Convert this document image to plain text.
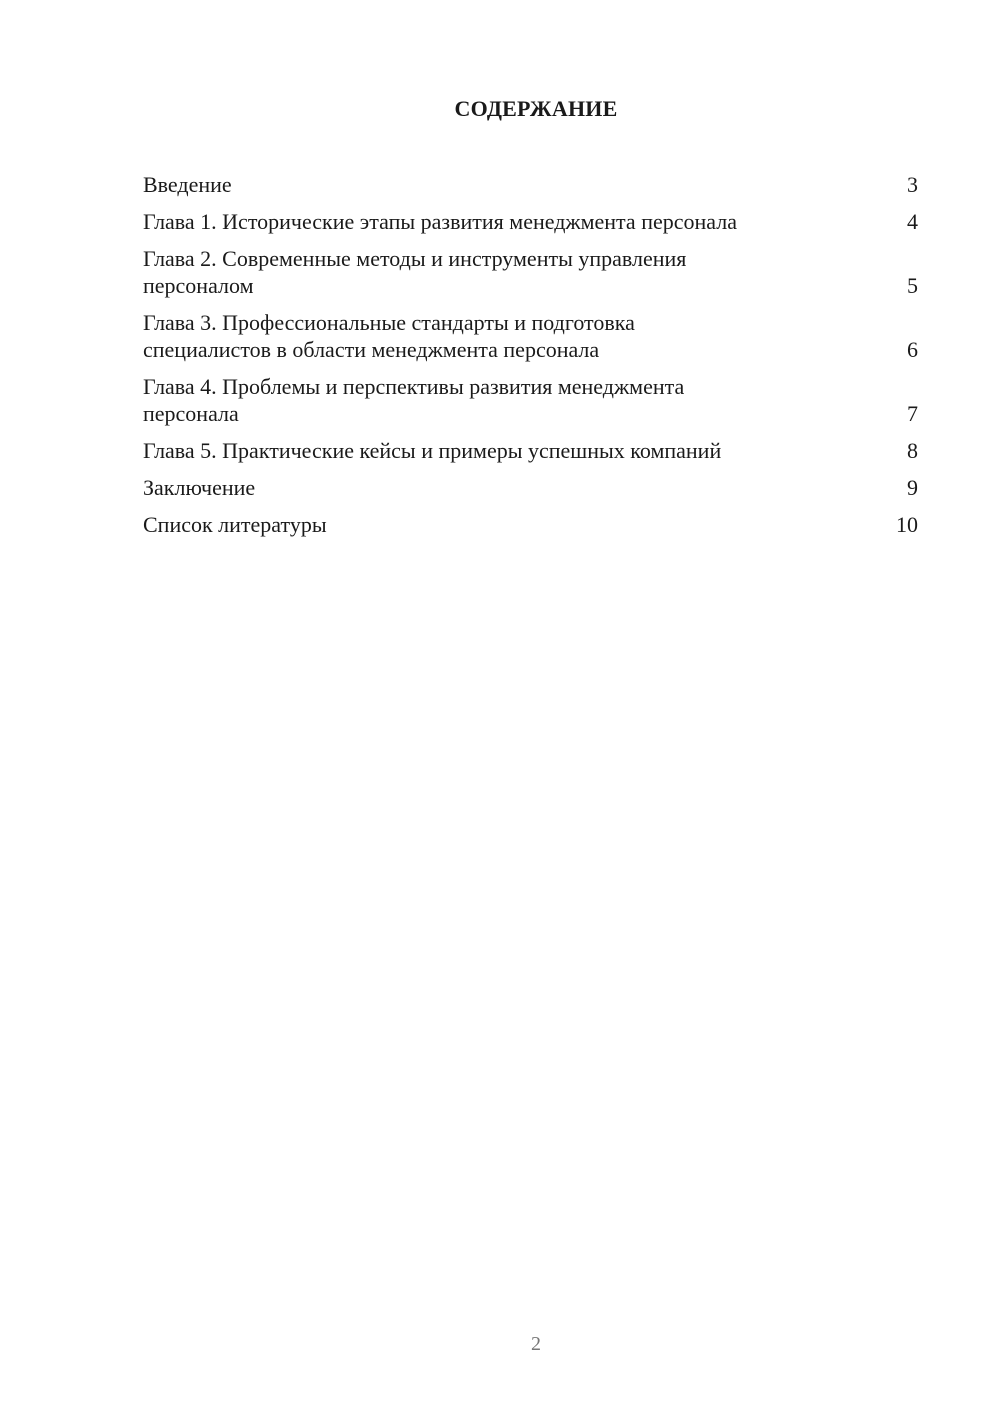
СОДЕРЖАНИЕ
Введение	3
Глава 1. Исторические этапы развития менеджмента персонала	4
Глава 2. Современные методы и инструменты управления
персоналом	5
Глава 3. Профессиональные стандарты и подготовка
специалистов в области менеджмента персонала	6
Глава 4. Проблемы и перспективы развития менеджмента
персонала	7
Глава 5. Практические кейсы и примеры успешных компаний	8
Заключение	9
Список литературы	10
2
